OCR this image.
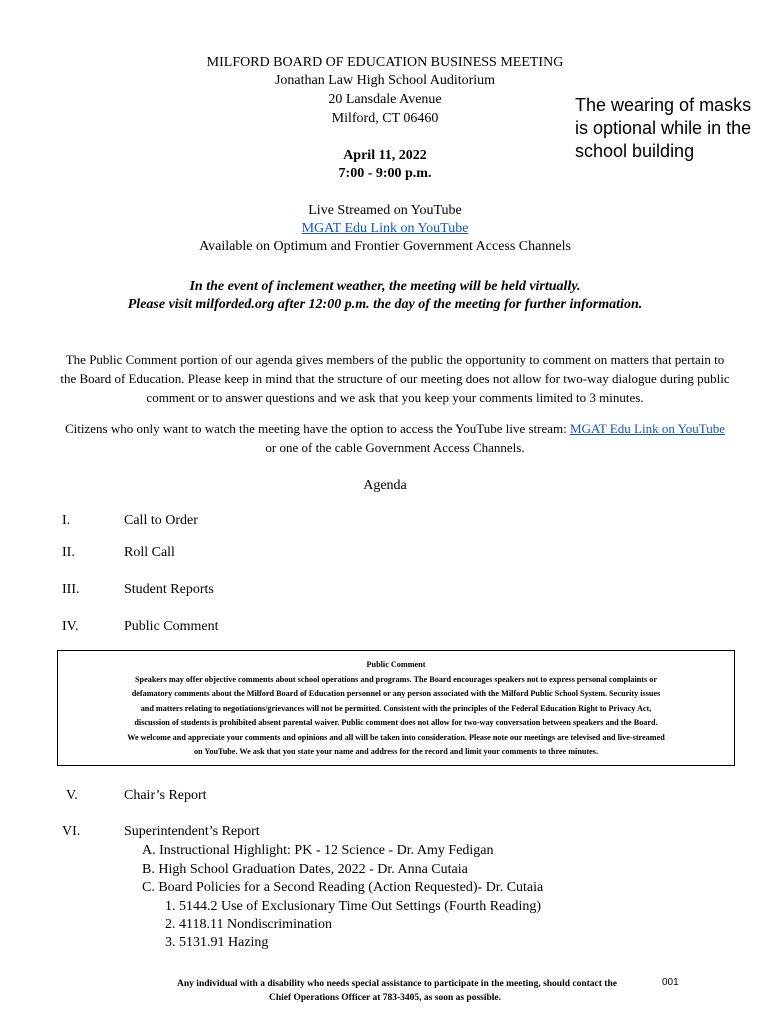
MILFORD BOARD OF EDUCATION BUSINESS MEETING
Jonathan Law High School Auditorium
20 Lansdale Avenue
Milford, CT 06460
April 11, 2022
7:00 - 9:00 p.m.
The wearing of masks is optional while in the school building
Live Streamed on YouTube
MGAT Edu Link on YouTube
Available on Optimum and Frontier Government Access Channels
In the event of inclement weather, the meeting will be held virtually.
Please visit milforded.org after 12:00 p.m. the day of the meeting for further information.
The Public Comment portion of our agenda gives members of the public the opportunity to comment on matters that pertain to the Board of Education. Please keep in mind that the structure of our meeting does not allow for two-way dialogue during public comment or to answer questions and we ask that you keep your comments limited to 3 minutes.
Citizens who only want to watch the meeting have the option to access the YouTube live stream: MGAT Edu Link on YouTube or one of the cable Government Access Channels.
Agenda
I.	Call to Order
II.	Roll Call
III.	Student Reports
IV.	Public Comment
Public Comment
Speakers may offer objective comments about school operations and programs. The Board encourages speakers not to express personal complaints or
defamatory comments about the Milford Board of Education personnel or any person associated with the Milford Public School System. Security issues
and matters relating to negotiations/grievances will not be permitted. Consistent with the principles of the Federal Education Right to Privacy Act,
discussion of students is prohibited absent parental waiver. Public comment does not allow for two-way conversation between speakers and the Board.
We welcome and appreciate your comments and opinions and all will be taken into consideration. Please note our meetings are televised and live-streamed
on YouTube. We ask that you state your name and address for the record and limit your comments to three minutes.
V.	Chair’s Report
VI.	Superintendent’s Report
A. Instructional Highlight: PK - 12 Science - Dr. Amy Fedigan
B. High School Graduation Dates, 2022 - Dr. Anna Cutaia
C. Board Policies for a Second Reading (Action Requested)- Dr. Cutaia
1. 5144.2 Use of Exclusionary Time Out Settings (Fourth Reading)
2. 4118.11 Nondiscrimination
3. 5131.91 Hazing
Any individual with a disability who needs special assistance to participate in the meeting, should contact the
Chief Operations Officer at 783-3405, as soon as possible.
001
